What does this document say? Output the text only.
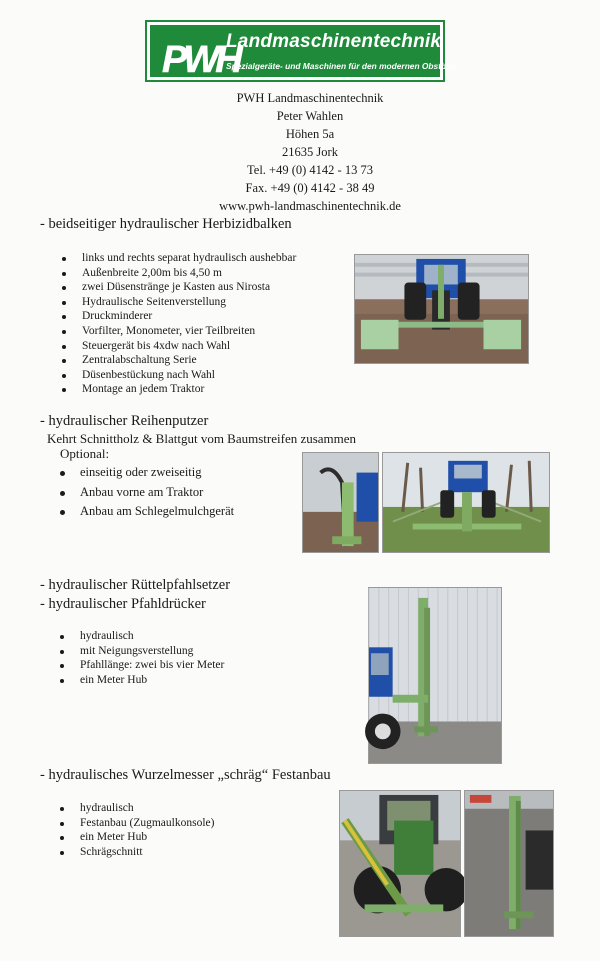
PWH
Landmaschinentechnik
Spezialgeräte- und Maschinen für den modernen Obstbau
PWH Landmaschinentechnik
Peter Wahlen
Höhen 5a
21635 Jork
Tel. +49 (0) 4142 - 13 73
Fax. +49 (0) 4142 - 38 49
www.pwh-landmaschinentechnik.de
- beidseitiger hydraulischer Herbizidbalken
links und rechts separat hydraulisch aushebbar
Außenbreite 2,00m bis 4,50 m
zwei Düsenstränge je Kasten aus Nirosta
Hydraulische Seitenverstellung
Druckminderer
Vorfilter, Monometer, vier Teilbreiten
Steuergerät bis 4xdw nach Wahl
Zentralabschaltung Serie
Düsenbestückung nach Wahl
Montage an jedem Traktor
- hydraulischer Reihenputzer
Kehrt Schnittholz & Blattgut vom Baumstreifen zusammen
Optional:
einseitig oder zweiseitig
Anbau vorne am Traktor
Anbau am Schlegelmulchgerät
- hydraulischer Rüttelpfahlsetzer
- hydraulischer Pfahldrücker
hydraulisch
mit Neigungsverstellung
Pfahllänge: zwei bis vier Meter
ein Meter Hub
- hydraulisches Wurzelmesser „schräg“ Festanbau
hydraulisch
Festanbau (Zugmaulkonsole)
ein Meter Hub
Schrägschnitt
